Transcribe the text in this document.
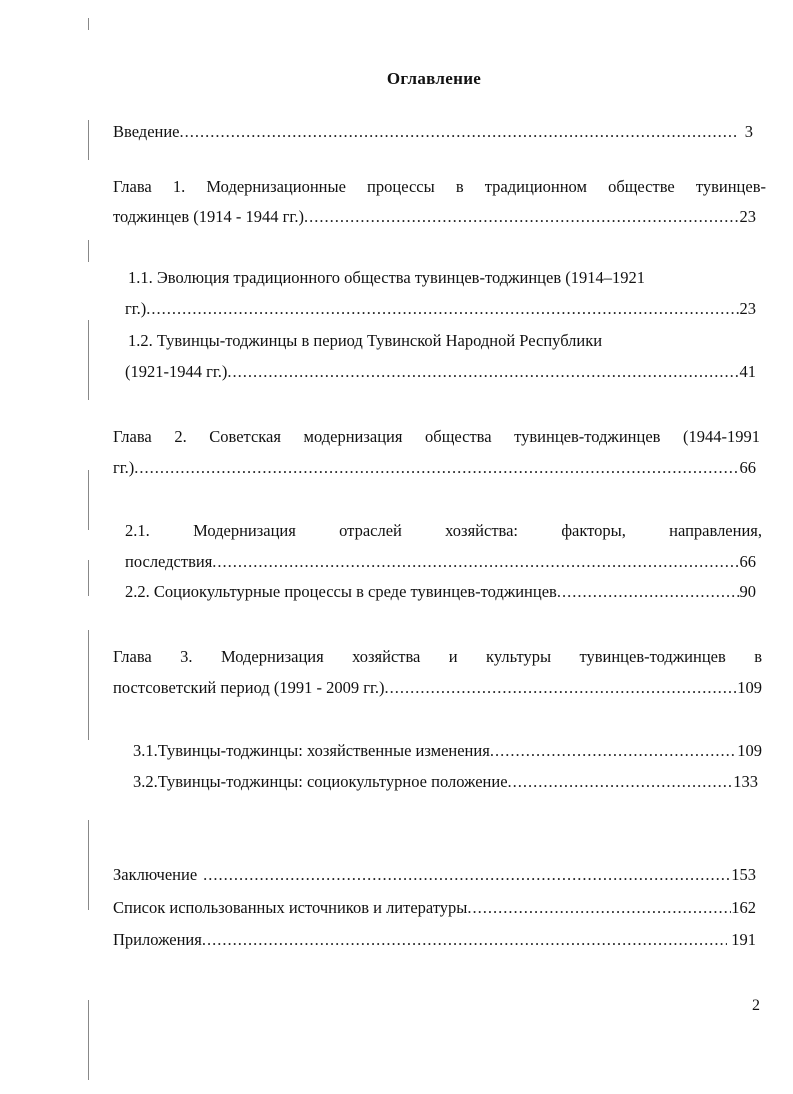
Оглавление
Введение .....	3
Глава 1. Модернизационные процессы в традиционном обществе тувинцев-
тоджинцев (1914 - 1944 гг.) .....	23
1.1. Эволюция традиционного общества тувинцев-тоджинцев (1914–1921
гг.) .....	23
1.2. Тувинцы-тоджинцы в период Тувинской Народной Республики
(1921-1944 гг.) .....	41
Глава 2. Советская модернизация общества тувинцев-тоджинцев (1944-1991
гг.) .....	66
2.1. Модернизация отраслей хозяйства: факторы, направления,
последствия .....	66
2.2. Социокультурные процессы в среде тувинцев-тоджинцев .....	90
Глава 3. Модернизация хозяйства и культуры тувинцев-тоджинцев в
постсоветский период (1991 - 2009 гг.) .....	109
3.1.Тувинцы-тоджинцы: хозяйственные изменения .....	109
3.2.Тувинцы-тоджинцы: социокультурное положение .....	133
Заключение .....	153
Список использованных источников и литературы .....	162
Приложения .....	191
2
